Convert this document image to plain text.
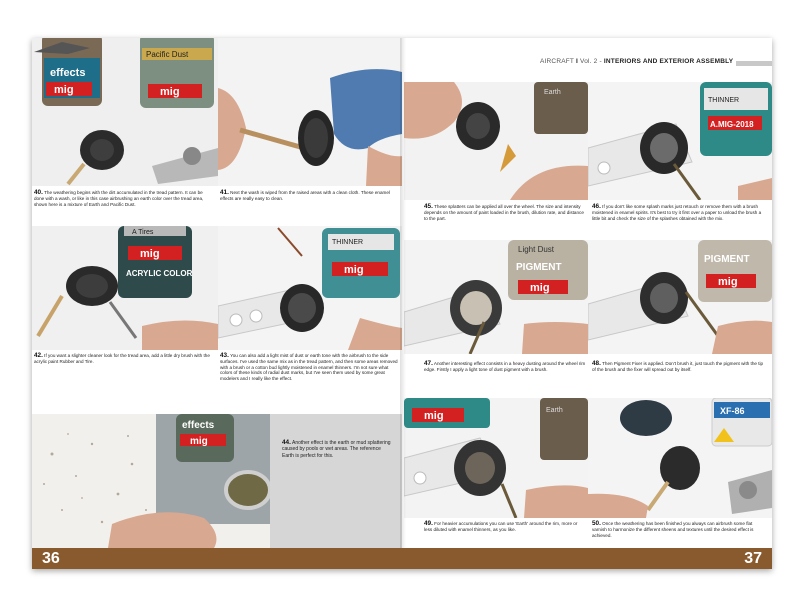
AIRCRAFT I Vol. 2 - INTERIORS AND EXTERIOR ASSEMBLY
effects
mig
Pacific Dust
mig
40. The weathering begins with the dirt accumulated in the tread pattern. It can be done with a wash, or like in this case airbrushing an earth color over the tread area, shown here is a mixture of Earth and Pacific Dust.
41. Next the wash is wiped from the raised areas with a clean cloth. These enamel effects are really easy to clean.
A Tires
mig
ACRYLIC COLOR
42. If you want a slighter cleaner look for the tread area, add a little dry brush with the acrylic paint Rubber and Tire.
THINNER
mig
43. You can also add a light mist of dust or earth tone with the airbrush to the side surfaces. I've used the same mix as in the tread pattern, and then some areas removed with a brush or a cotton bud lightly moistened in enamel thinners. I'm not sure what colors of these kinds of radial dust marks, but I've seen them used by some great modelers and I really like the effect.
effects
mig	44. Another effect is the earth or mud splattering caused by pools or wet areas. The reference Earth is perfect for this.
Earth
45. These splatters can be applied all over the wheel. The size and intensity depends on the amount of paint loaded in the brush, dilution rate, and distance to the part.
THINNER
A.MIG-2018
46. If you don't like some splash marks just retouch or remove them with a brush moistened in enamel spirits. It's best to try it first over a paper to unload the brush a little bit and check the size of the splashes obtained with the mix.
Light Dust
PIGMENT
mig
47. Another interesting effect consists in a heavy dusting around the wheel rim edge. Firstly I apply a light tone of dust pigment with a brush.
PIGMENT
mig
48. Then Pigment Fixer is applied. Don't brush it, just touch the pigment with the tip of the brush and the fixer will spread out by itself.
mig	Earth
49. For heavier accumulations you can use 'Earth' around the rim, more or less diluted with enamel thinners, as you like.
XF-86
50. Once the weathering has been finished you always can airbrush some flat varnish to harmonize the different sheens and textures until the desired effect is achieved.
36	37
